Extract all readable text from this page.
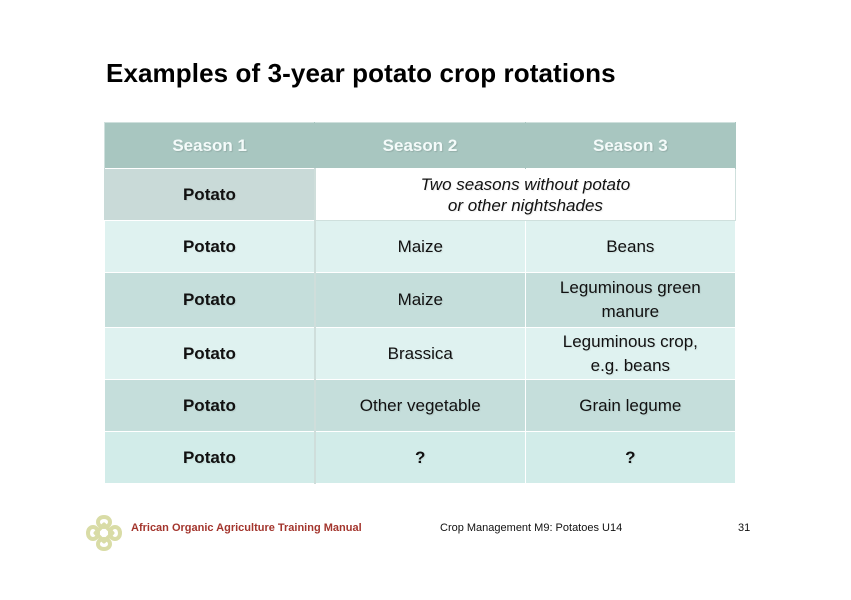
Examples of 3-year potato crop rotations
Season 1	Season 2	Season 3
Potato	Two seasons without potato
or other nightshades	
Potato	Maize	Beans
Potato	Maize	Leguminous green
manure
Potato	Brassica	Leguminous crop,
e.g. beans
Potato	Other vegetable	Grain legume
Potato	?	?
African Organic Agriculture Training Manual	Crop Management M9: Potatoes U14	31
